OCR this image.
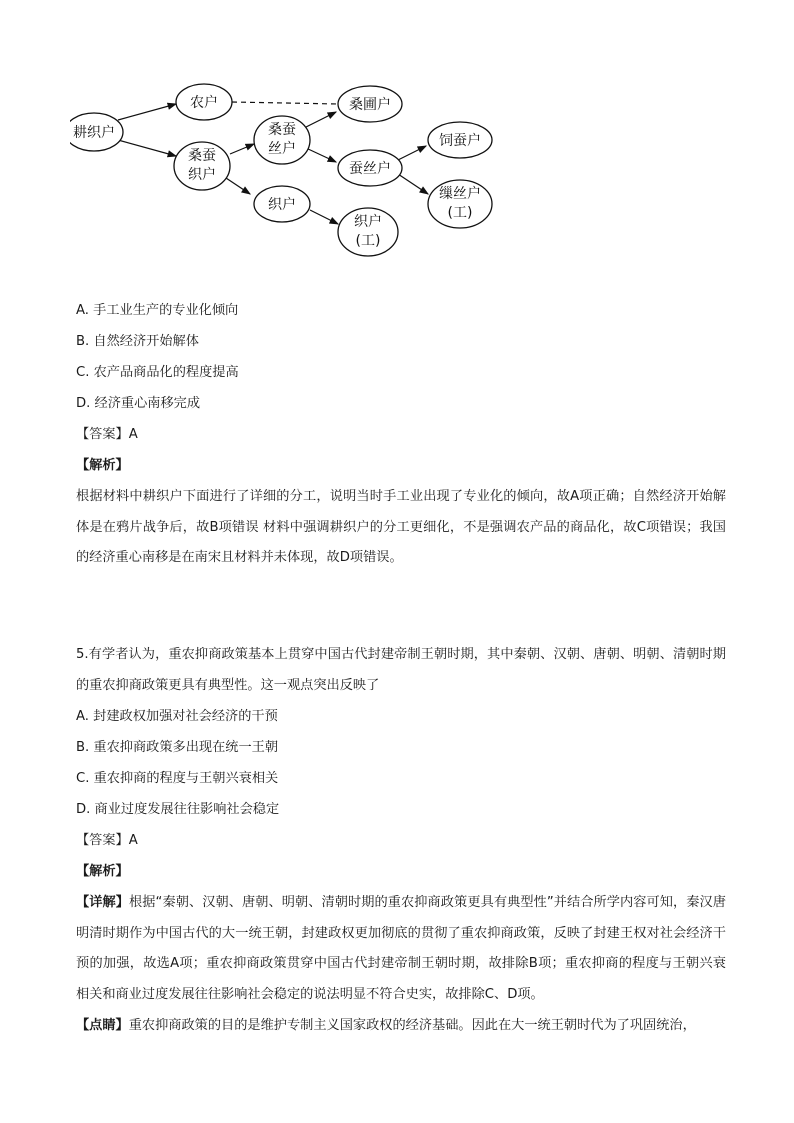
耕织户
农户
桑蚕
织户
桑蚕
丝户
桑圃户
蚕丝户
织户
织户
(工)
饲蚕户
缫丝户
(工)
A. 手工业生产的专业化倾向
B. 自然经济开始解体
C. 农产品商品化的程度提高
D. 经济重心南移完成
【答案】A
【解析】
根据材料中耕织户下面进行了详细的分工，说明当时手工业出现了专业化的倾向，故A项正确；自然经济开始解体是在鸦片战争后，故B项错误 材料中强调耕织户的分工更细化，不是强调农产品的商品化，故C项错误；我国的经济重心南移是在南宋且材料并未体现，故D项错误。
5.有学者认为，重农抑商政策基本上贯穿中国古代封建帝制王朝时期，其中秦朝、汉朝、唐朝、明朝、清朝时期的重农抑商政策更具有典型性。这一观点突出反映了
A. 封建政权加强对社会经济的干预
B. 重农抑商政策多出现在统一王朝
C. 重农抑商的程度与王朝兴衰相关
D. 商业过度发展往往影响社会稳定
【答案】A
【解析】
【详解】根据“秦朝、汉朝、唐朝、明朝、清朝时期的重农抑商政策更具有典型性”并结合所学内容可知，秦汉唐明清时期作为中国古代的大一统王朝，封建政权更加彻底的贯彻了重农抑商政策，反映了封建王权对社会经济干预的加强，故选A项；重农抑商政策贯穿中国古代封建帝制王朝时期，故排除B项；重农抑商的程度与王朝兴衰相关和商业过度发展往往影响社会稳定的说法明显不符合史实，故排除C、D项。
【点睛】重农抑商政策的目的是维护专制主义国家政权的经济基础。因此在大一统王朝时代为了巩固统治，
